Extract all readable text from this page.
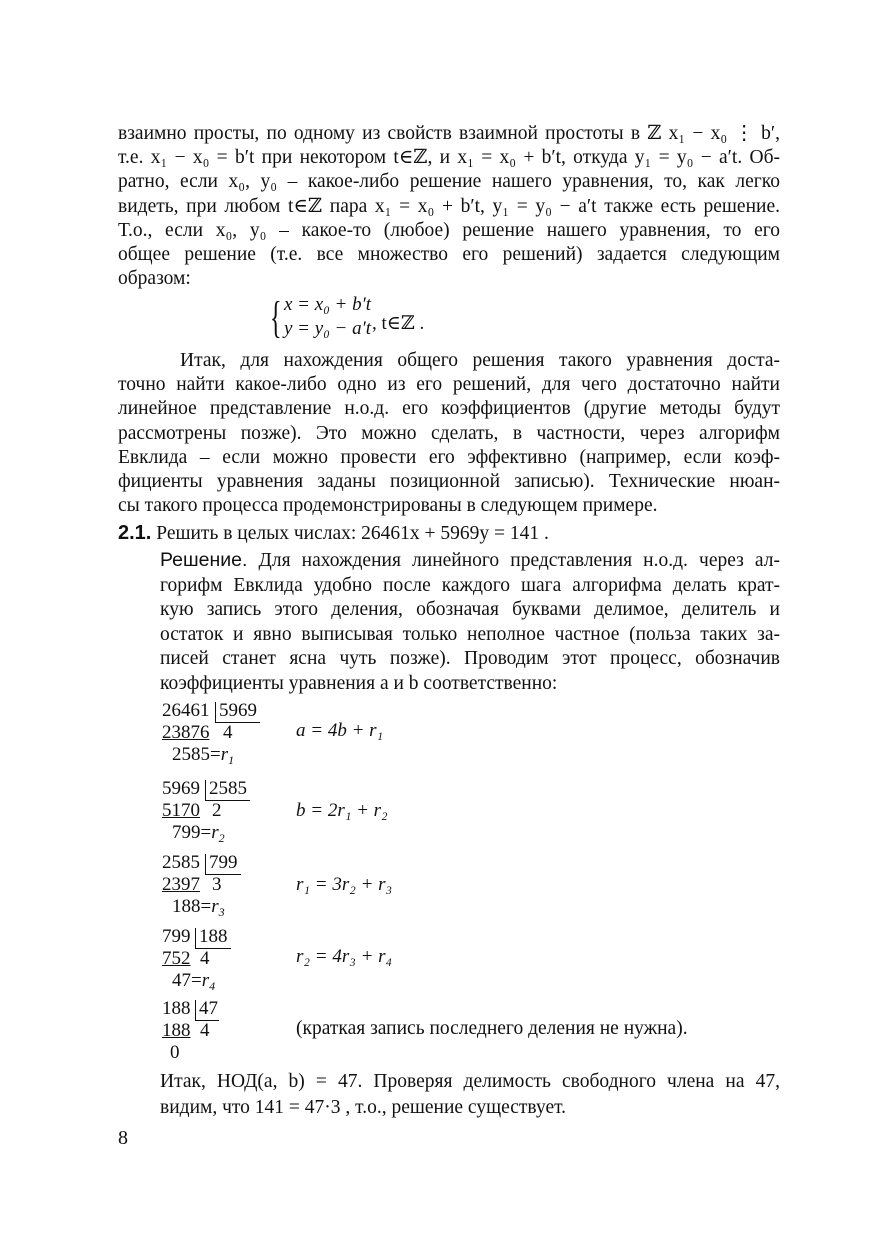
взаимно просты, по одному из свойств взаимной простоты в ℤ x₁ − x₀ ⋮ b′,
т.е. x₁ − x₀ = b′t при некотором t∈ℤ, и x₁ = x₀ + b′t, откуда y₁ = y₀ − a′t. Об-
ратно, если x₀, y₀ – какое-либо решение нашего уравнения, то, как легко
видеть, при любом t∈ℤ пара x₁ = x₀ + b′t, y₁ = y₀ − a′t также есть решение.
Т.о., если x₀, y₀ – какое-то (любое) решение нашего уравнения, то его
общее решение (т.е. все множество его решений) задается следующим
образом:
{ x = x₀ + b′t
y = y₀ − a′t , t∈ℤ .
Итак, для нахождения общего решения такого уравнения доста-
точно найти какое-либо одно из его решений, для чего достаточно найти
линейное представление н.о.д. его коэффициентов (другие методы будут
рассмотрены позже). Это можно сделать, в частности, через алгорифм
Евклида – если можно провести его эффективно (например, если коэф-
фициенты уравнения заданы позиционной записью). Технические нюан-
сы такого процесса продемонстрированы в следующем примере.
2.1. Решить в целых числах: 26461x + 5969y = 141 .
Решение. Для нахождения линейного представления н.о.д. через ал-
горифм Евклида удобно после каждого шага алгорифма делать крат-
кую запись этого деления, обозначая буквами делимое, делитель и
остаток и явно выписывая только неполное частное (польза таких за-
писей станет ясна чуть позже). Проводим этот процесс, обозначив
коэффициенты уравнения a и b соответственно:
26461 5969
23876 4
$2585=r_1$
a = 4b + r₁
5969 2585
5170 2
$799=r_2$
b = 2r₁ + r₂
2585 799
2397 3
$188=r_3$
r₁ = 3r₂ + r₃
799 188
752 4
$47=r_4$
r₂ = 4r₃ + r₄
188 47
188 4
0
(краткая запись последнего деления не нужна).
Итак, НОД(a, b) = 47. Проверяя делимость свободного члена на 47,
видим, что 141 = 47·3 , т.о., решение существует.
8
